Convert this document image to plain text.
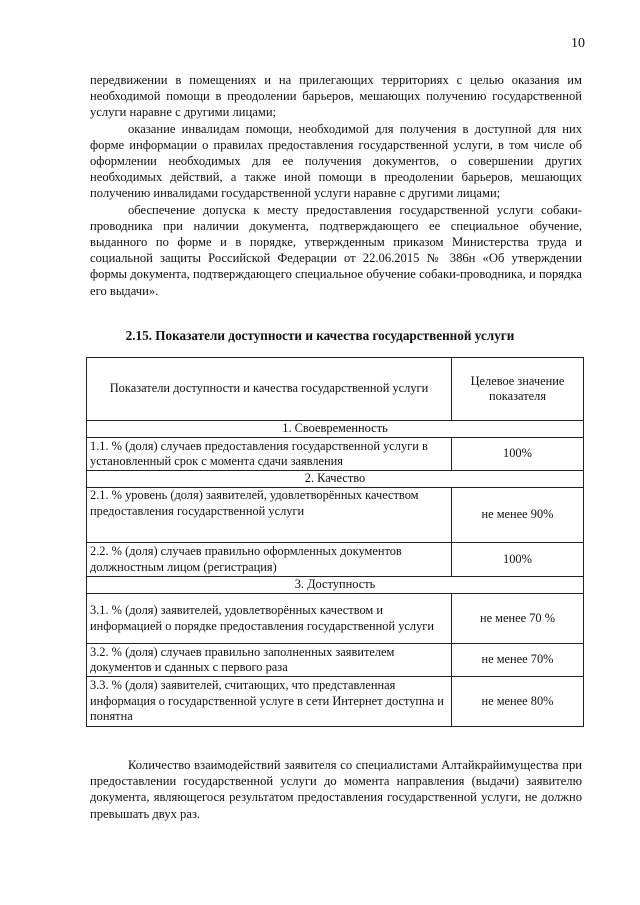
10

передвижении в помещениях и на прилегающих территориях с целью оказания им необходимой помощи в преодолении барьеров, мешающих получению государственной услуги наравне с другими лицами;

оказание инвалидам помощи, необходимой для получения в доступной для них форме информации о правилах предоставления государственной услуги, в том числе об оформлении необходимых для ее получения документов, о совершении других необходимых действий, а также иной помощи в преодолении барьеров, мешающих получению инвалидами государственной услуги наравне с другими лицами;

обеспечение допуска к месту предоставления государственной услуги собаки-проводника при наличии документа, подтверждающего ее специальное обучение, выданного по форме и в порядке, утвержденным приказом Министерства труда и социальной защиты Российской Федерации от 22.06.2015 № 386н «Об утверждении формы документа, подтверждающего специальное обучение собаки-проводника, и порядка его выдачи».

2.15. Показатели доступности и качества государственной услуги
Показатели доступности и качества государственной услуги	Целевое значение показателя
1. Своевременность	
1.1. % (доля) случаев предоставления государственной услуги в установленный срок с момента сдачи заявления	100%
2. Качество	
2.1. % уровень (доля) заявителей, удовлетворённых качеством предоставления государственной услуги	не менее 90%
2.2. % (доля) случаев правильно оформленных документов должностным лицом (регистрация)	100%
3. Доступность	
3.1. % (доля) заявителей, удовлетворённых качеством и информацией о порядке предоставления государственной услуги	не менее 70 %
3.2. % (доля) случаев правильно заполненных заявителем документов и сданных с первого раза	не менее 70%
3.3. % (доля) заявителей, считающих, что представленная информация о государственной услуге в сети Интернет доступна и понятна	не менее 80%

Количество взаимодействий заявителя со специалистами Алтайкрайимущества при предоставлении государственной услуги до момента направления (выдачи) заявителю документа, являющегося результатом предоставления государственной услуги, не должно превышать двух раз.
